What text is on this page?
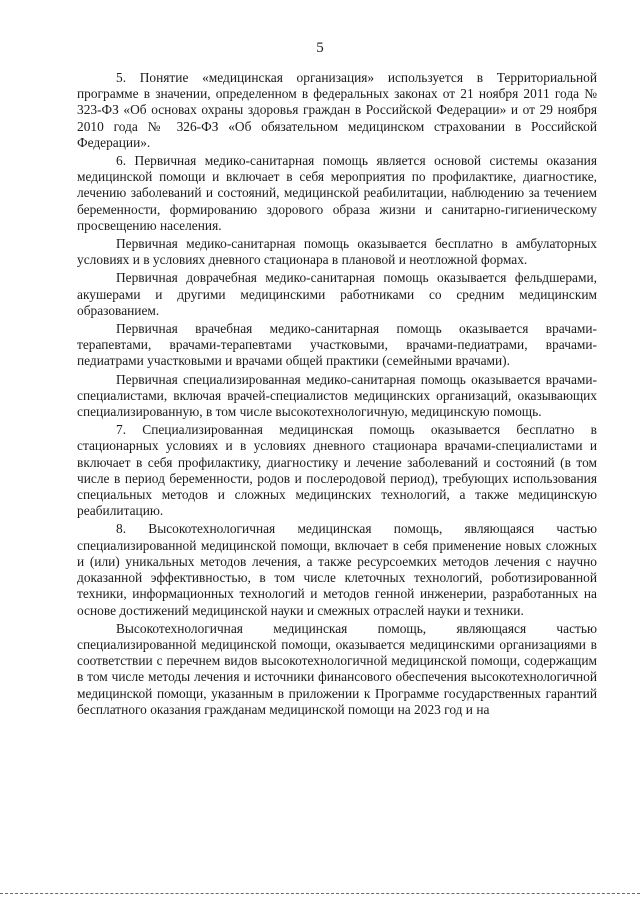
5

5. Понятие «медицинская организация» используется в Территориальной программе в значении, определенном в федеральных законах от 21 ноября 2011 года № 323-ФЗ «Об основах охраны здоровья граждан в Российской Федерации» и от 29 ноября 2010 года № 326-ФЗ «Об обязательном медицинском страховании в Российской Федерации».

6. Первичная медико-санитарная помощь является основой системы оказания медицинской помощи и включает в себя мероприятия по профилактике, диагностике, лечению заболеваний и состояний, медицинской реабилитации, наблюдению за течением беременности, формированию здорового образа жизни и санитарно-гигиеническому просвещению населения.

Первичная медико-санитарная помощь оказывается бесплатно в амбулаторных условиях и в условиях дневного стационара в плановой и неотложной формах.

Первичная доврачебная медико-санитарная помощь оказывается фельдшерами, акушерами и другими медицинскими работниками со средним медицинским образованием.

Первичная врачебная медико-санитарная помощь оказывается врачами-терапевтами, врачами-терапевтами участковыми, врачами-педиатрами, врачами-педиатрами участковыми и врачами общей практики (семейными врачами).

Первичная специализированная медико-санитарная помощь оказывается врачами-специалистами, включая врачей-специалистов медицинских организаций, оказывающих специализированную, в том числе высокотехнологичную, медицинскую помощь.

7. Специализированная медицинская помощь оказывается бесплатно в стационарных условиях и в условиях дневного стационара врачами-специалистами и включает в себя профилактику, диагностику и лечение заболеваний и состояний (в том числе в период беременности, родов и послеродовой период), требующих использования специальных методов и сложных медицинских технологий, а также медицинскую реабилитацию.

8. Высокотехнологичная медицинская помощь, являющаяся частью специализированной медицинской помощи, включает в себя применение новых сложных и (или) уникальных методов лечения, а также ресурсоемких методов лечения с научно доказанной эффективностью, в том числе клеточных технологий, роботизированной техники, информационных технологий и методов генной инженерии, разработанных на основе достижений медицинской науки и смежных отраслей науки и техники.

Высокотехнологичная медицинская помощь, являющаяся частью специализированной медицинской помощи, оказывается медицинскими организациями в соответствии с перечнем видов высокотехнологичной медицинской помощи, содержащим в том числе методы лечения и источники финансового обеспечения высокотехнологичной медицинской помощи, указанным в приложении к Программе государственных гарантий бесплатного оказания гражданам медицинской помощи на 2023 год и на
